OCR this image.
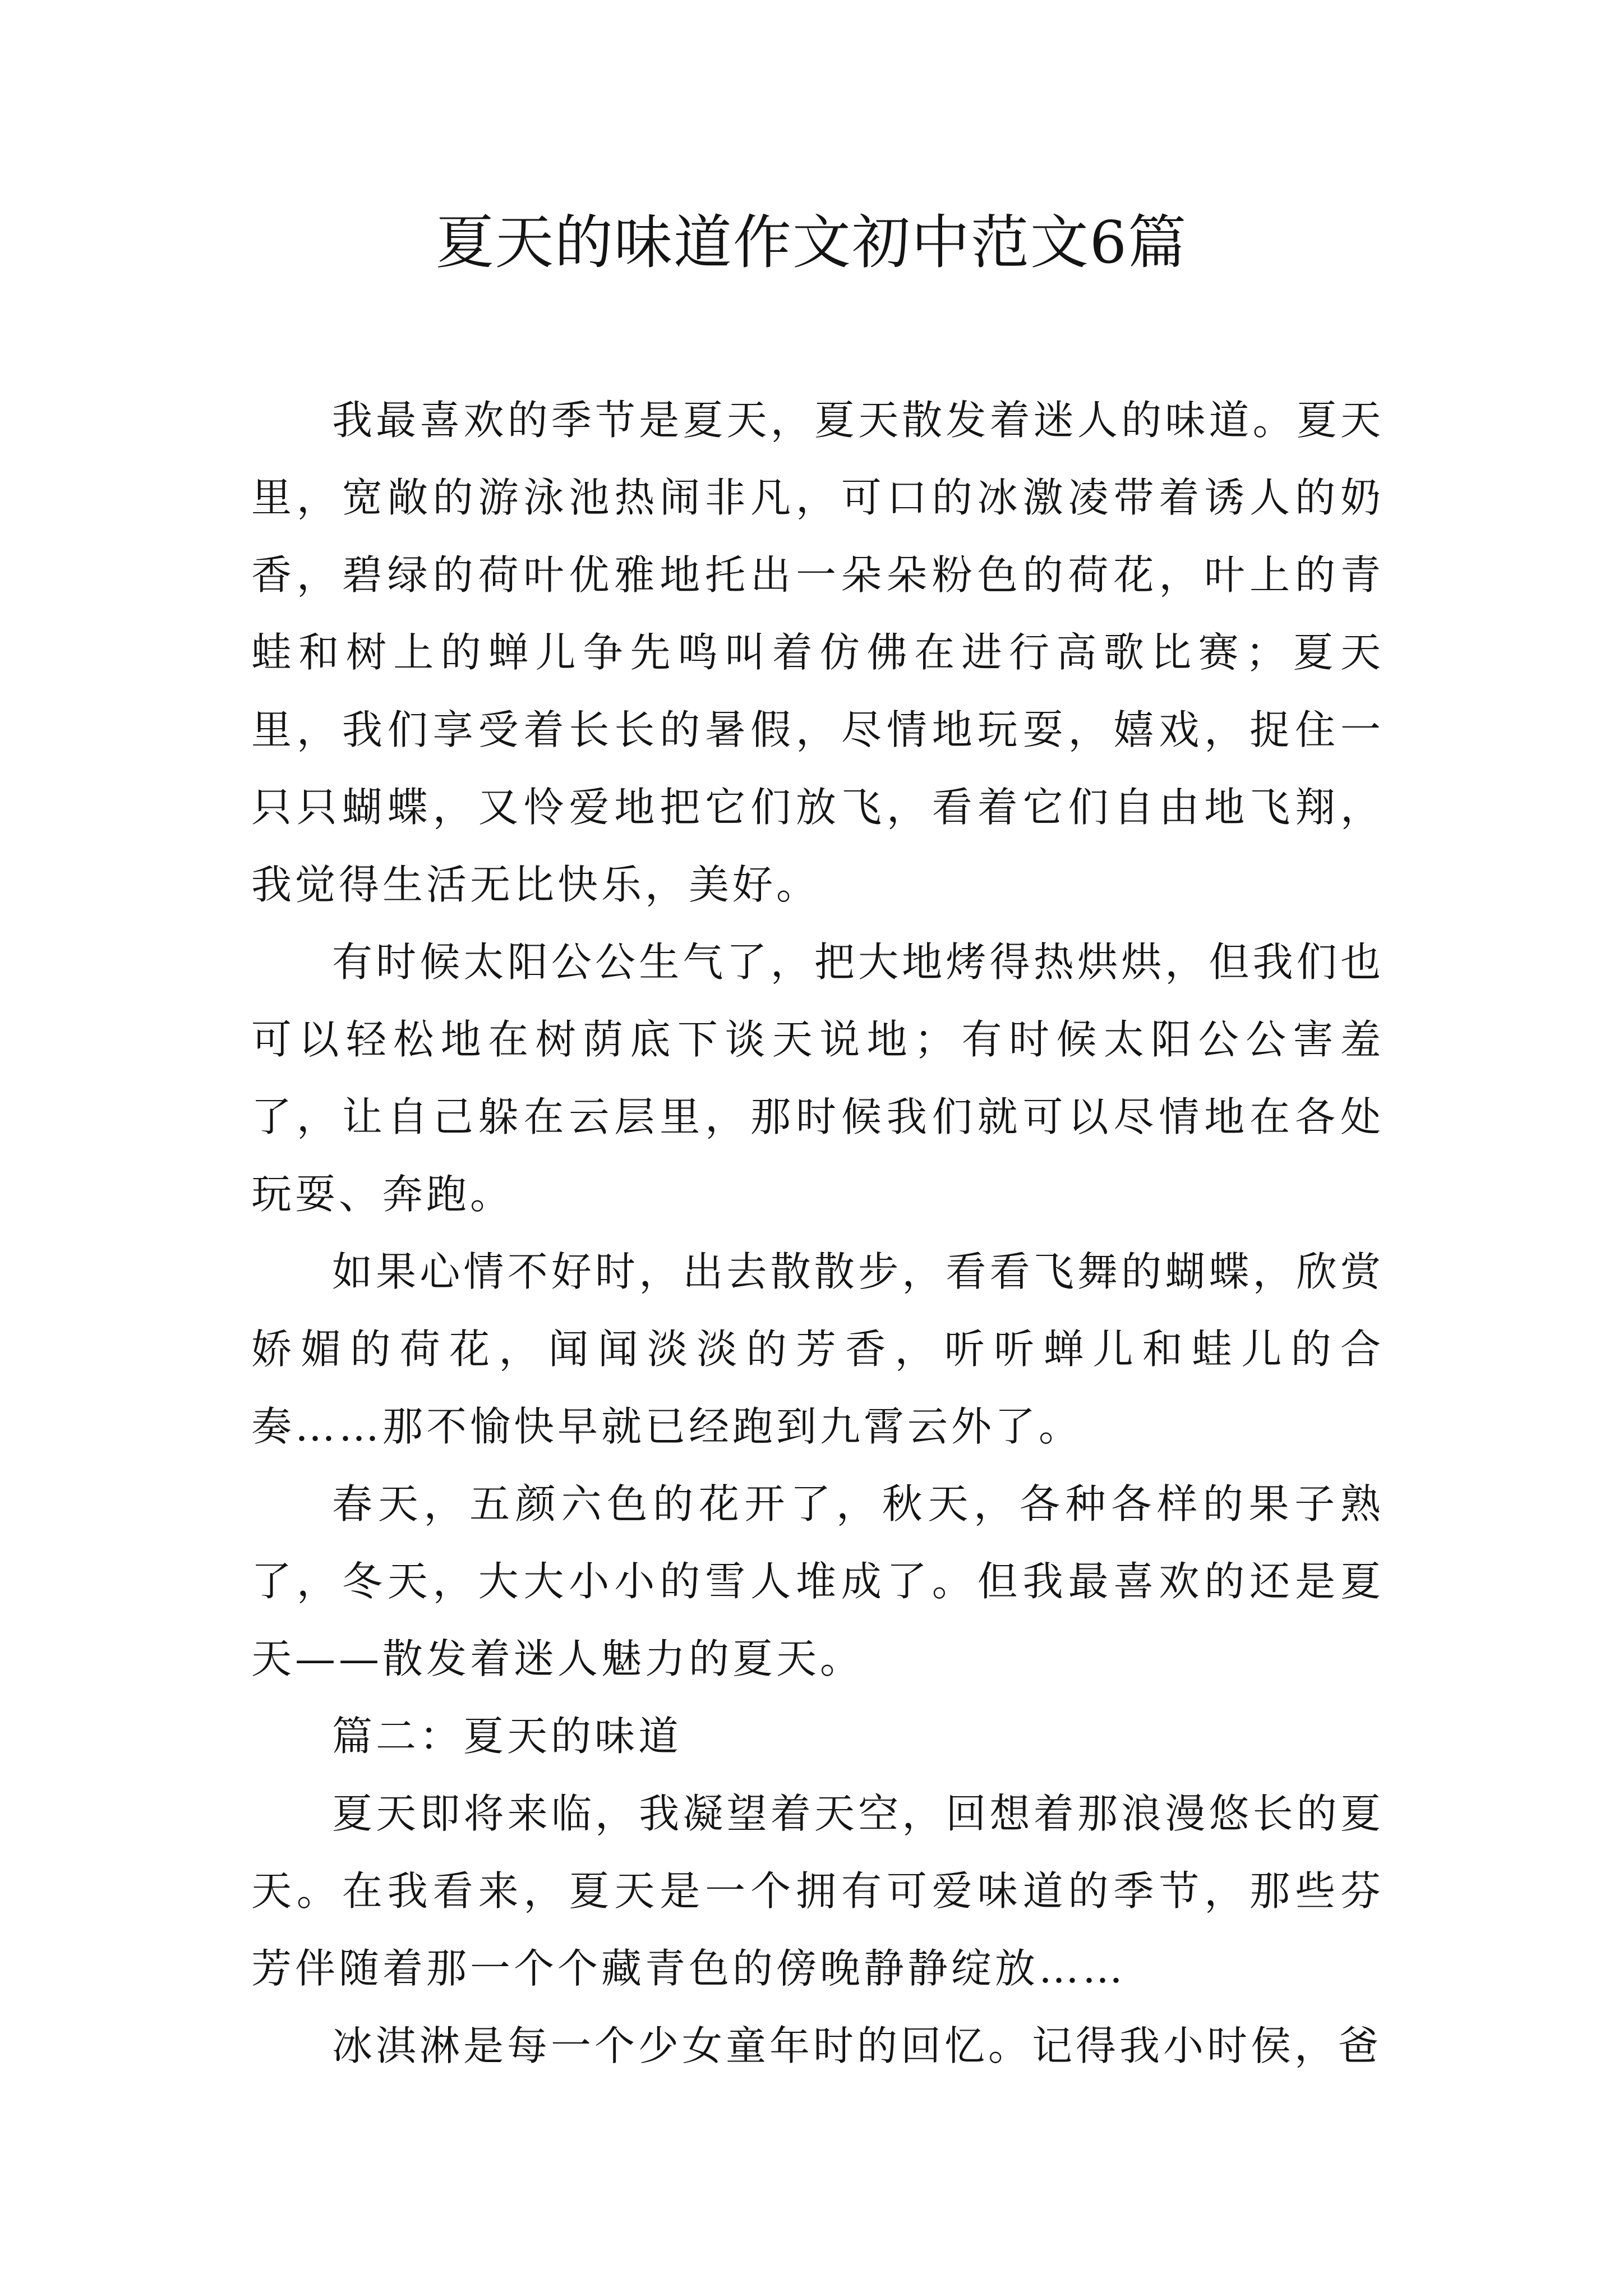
夏天的味道作文初中范文6篇

我最喜欢的季节是夏天，夏天散发着迷人的味道。夏天里，宽敞的游泳池热闹非凡，可口的冰激凌带着诱人的奶香，碧绿的荷叶优雅地托出一朵朵粉色的荷花，叶上的青蛙和树上的蝉儿争先鸣叫着仿佛在进行高歌比赛；夏天里，我们享受着长长的暑假，尽情地玩耍，嬉戏，捉住一只只蝴蝶，又怜爱地把它们放飞，看着它们自由地飞翔，我觉得生活无比快乐，美好。

有时候太阳公公生气了，把大地烤得热烘烘，但我们也可以轻松地在树荫底下谈天说地；有时候太阳公公害羞了，让自己躲在云层里，那时候我们就可以尽情地在各处玩耍、奔跑。

如果心情不好时，出去散散步，看看飞舞的蝴蝶，欣赏娇媚的荷花，闻闻淡淡的芳香，听听蝉儿和蛙儿的合奏……那不愉快早就已经跑到九霄云外了。

春天，五颜六色的花开了，秋天，各种各样的果子熟了，冬天，大大小小的雪人堆成了。但我最喜欢的还是夏天——散发着迷人魅力的夏天。

篇二：夏天的味道

夏天即将来临，我凝望着天空，回想着那浪漫悠长的夏天。在我看来，夏天是一个拥有可爱味道的季节，那些芬芳伴随着那一个个藏青色的傍晚静静绽放……

冰淇淋是每一个少女童年时的回忆。记得我小时侯，爸
